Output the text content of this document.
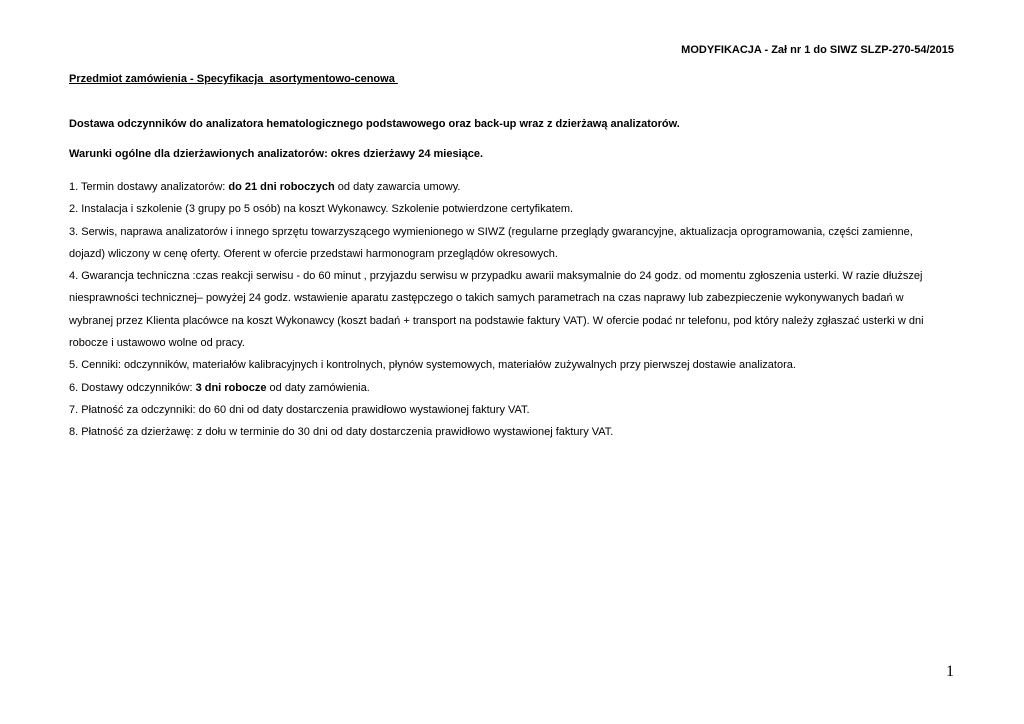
MODYFIKACJA - Zał nr 1 do SIWZ SLZP-270-54/2015
Przedmiot zamówienia - Specyfikacja  asortymentowo-cenowa
Dostawa odczynników do analizatora hematologicznego podstawowego oraz back-up wraz z dzierżawą analizatorów.
Warunki ogólne dla dzierżawionych analizatorów: okres dzierżawy 24 miesiące.

1. Termin dostawy analizatorów: do 21 dni roboczych od daty zawarcia umowy.

2. Instalacja i szkolenie (3 grupy po 5 osób) na koszt Wykonawcy. Szkolenie potwierdzone certyfikatem.

3. Serwis, naprawa analizatorów i innego sprzętu towarzyszącego wymienionego w SIWZ (regularne przeglądy gwarancyjne, aktualizacja oprogramowania, części zamienne, dojazd) wliczony w cenę oferty. Oferent w ofercie przedstawi harmonogram przeglądów okresowych.

4. Gwarancja techniczna :czas reakcji serwisu - do 60 minut , przyjazdu serwisu w przypadku awarii maksymalnie do 24 godz. od momentu zgłoszenia usterki. W razie dłuższej niesprawności technicznej– powyżej 24 godz. wstawienie aparatu zastępczego o takich samych parametrach na czas naprawy lub zabezpieczenie wykonywanych badań w wybranej przez Klienta placówce na koszt Wykonawcy (koszt badań + transport na podstawie faktury VAT). W ofercie podać nr telefonu, pod który należy zgłaszać usterki w dni robocze i ustawowo wolne od pracy.

5. Cenniki: odczynników, materiałów kalibracyjnych i kontrolnych, płynów systemowych, materiałów zużywalnych przy pierwszej dostawie analizatora.

6. Dostawy odczynników: 3 dni robocze od daty zamówienia.

7. Płatność za odczynniki: do 60 dni od daty dostarczenia prawidłowo wystawionej faktury VAT.

8. Płatność za dzierżawę: z dołu w terminie do 30 dni od daty dostarczenia prawidłowo wystawionej faktury VAT.

1
